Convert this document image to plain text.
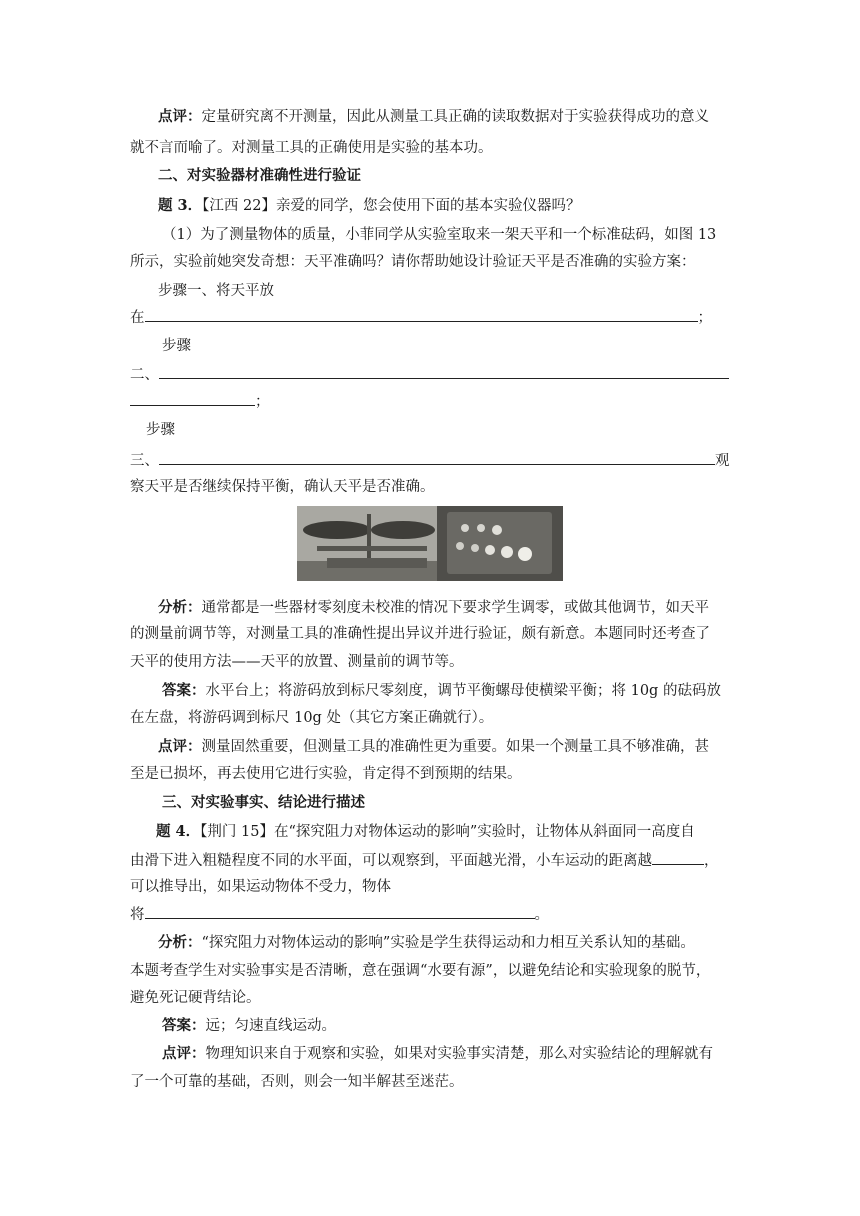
点评：定量研究离不开测量，因此从测量工具正确的读取数据对于实验获得成功的意义
就不言而喻了。对测量工具的正确使用是实验的基本功。
二、对实验器材准确性进行验证
题 3．【江西 22】亲爱的同学，您会使用下面的基本实验仪器吗？
（1）为了测量物体的质量，小菲同学从实验室取来一架天平和一个标准砝码，如图 13
所示，实验前她突发奇想：天平准确吗？请你帮助她设计验证天平是否准确的实验方案：
步骤一、将天平放
在	；
步骤
二、
；
步骤
三、	观
察天平是否继续保持平衡，确认天平是否准确。
分析：通常都是一些器材零刻度未校准的情况下要求学生调零，或做其他调节，如天平
的测量前调节等，对测量工具的准确性提出异议并进行验证，颇有新意。本题同时还考查了
天平的使用方法——天平的放置、测量前的调节等。
答案：水平台上；将游码放到标尺零刻度，调节平衡螺母使横梁平衡；将 10g 的砝码放
在左盘，将游码调到标尺 10g 处（其它方案正确就行）。
点评：测量固然重要，但测量工具的准确性更为重要。如果一个测量工具不够准确，甚
至是已损坏，再去使用它进行实验，肯定得不到预期的结果。
三、对实验事实、结论进行描述
题 4．【荆门 15】在“探究阻力对物体运动的影响”实验时，让物体从斜面同一高度自
由滑下进入粗糙程度不同的水平面，可以观察到，平面越光滑，小车运动的距离越	，
可以推导出，如果运动物体不受力，物体
将	。
分析：“探究阻力对物体运动的影响”实验是学生获得运动和力相互关系认知的基础。
本题考查学生对实验事实是否清晰，意在强调“水要有源”，以避免结论和实验现象的脱节，
避免死记硬背结论。
答案：远；匀速直线运动。
点评：物理知识来自于观察和实验，如果对实验事实清楚，那么对实验结论的理解就有
了一个可靠的基础，否则，则会一知半解甚至迷茫。
